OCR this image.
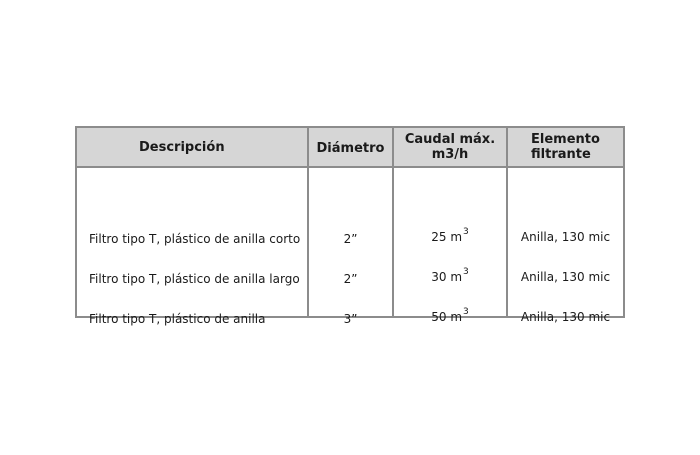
Descripción	Diámetro
Caudal máx.
m3/h
Elemento
filtrante
Filtro tipo T, plástico de anilla corto
Filtro tipo T, plástico de anilla largo
Filtro tipo T, plástico de anilla
2”
2”
3”
25 $m^3$
30 $m^3$
50 $m^3$
Anilla, 130 mic
Anilla, 130 mic
Anilla, 130 mic
